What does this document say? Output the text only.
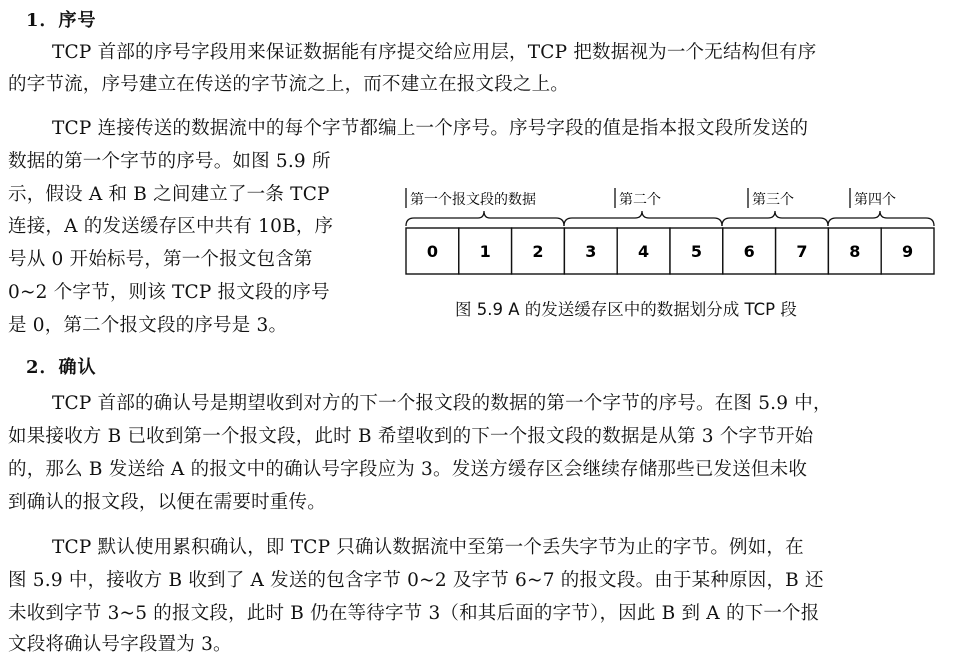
1．序号
TCP 首部的序号字段用来保证数据能有序提交给应用层，TCP 把数据视为一个无结构但有序
的字节流，序号建立在传送的字节流之上，而不建立在报文段之上。
TCP 连接传送的数据流中的每个字节都编上一个序号。序号字段的值是指本报文段所发送的
数据的第一个字节的序号。如图 5.9 所
示，假设 A 和 B 之间建立了一条 TCP
连接，A 的发送缓存区中共有 10B，序
号从 0 开始标号，第一个报文包含第
0~2 个字节，则该 TCP 报文段的序号
是 0，第二个报文段的序号是 3。
第一个报文段的数据	第二个	第三个	第四个
0	1	2	3	4	5	6	7	8	9
图 5.9 A 的发送缓存区中的数据划分成 TCP 段
2．确认
TCP 首部的确认号是期望收到对方的下一个报文段的数据的第一个字节的序号。在图 5.9 中，
如果接收方 B 已收到第一个报文段，此时 B 希望收到的下一个报文段的数据是从第 3 个字节开始
的，那么 B 发送给 A 的报文中的确认号字段应为 3。发送方缓存区会继续存储那些已发送但未收
到确认的报文段，以便在需要时重传。
TCP 默认使用累积确认，即 TCP 只确认数据流中至第一个丢失字节为止的字节。例如，在
图 5.9 中，接收方 B 收到了 A 发送的包含字节 0~2 及字节 6~7 的报文段。由于某种原因，B 还
未收到字节 3~5 的报文段，此时 B 仍在等待字节 3（和其后面的字节），因此 B 到 A 的下一个报
文段将确认号字段置为 3。
